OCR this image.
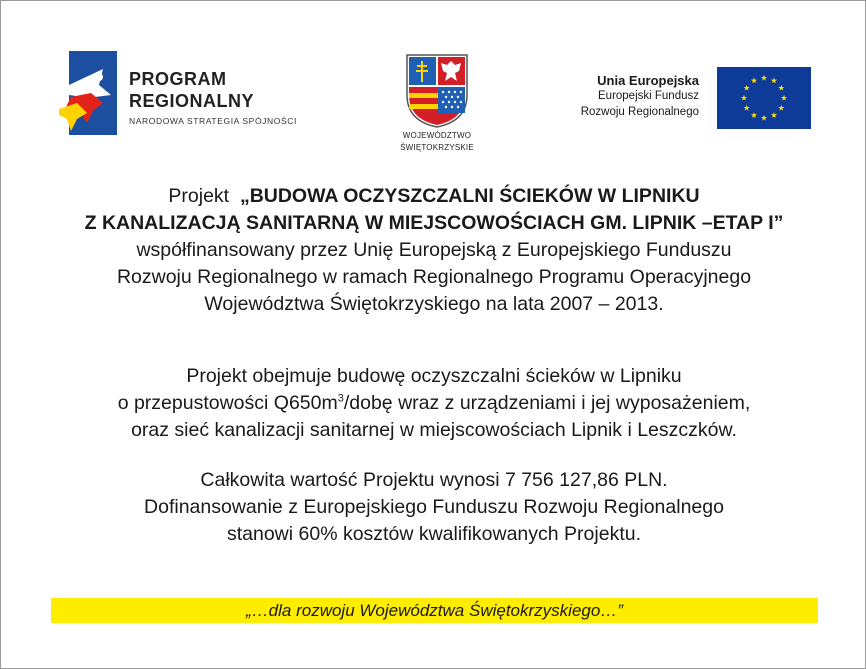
PROGRAM
REGIONALNY
NARODOWA STRATEGIA SPÓJNOŚCI
WOJEWÓDZTWO
ŚWIĘTOKRZYSKIE
Unia Europejska
Europejski Fundusz
Rozwoju Regionalnego
Projekt „BUDOWA OCZYSZCZALNI ŚCIEKÓW W LIPNIKU
Z KANALIZACJĄ SANITARNĄ W MIEJSCOWOŚCIACH GM. LIPNIK –ETAP I”
współfinansowany przez Unię Europejską z Europejskiego Funduszu
Rozwoju Regionalnego w ramach Regionalnego Programu Operacyjnego
Województwa Świętokrzyskiego na lata 2007 – 2013.
Projekt obejmuje budowę oczyszczalni ścieków w Lipniku
o przepustowości $Q650m^3$/dobę wraz z urządzeniami i jej wyposażeniem,
oraz sieć kanalizacji sanitarnej w miejscowościach Lipnik i Leszczków.
Całkowita wartość Projektu wynosi 7 756 127,86 PLN.
Dofinansowanie z Europejskiego Funduszu Rozwoju Regionalnego
stanowi 60% kosztów kwalifikowanych Projektu.
„…dla rozwoju Województwa Świętokrzyskiego…”
